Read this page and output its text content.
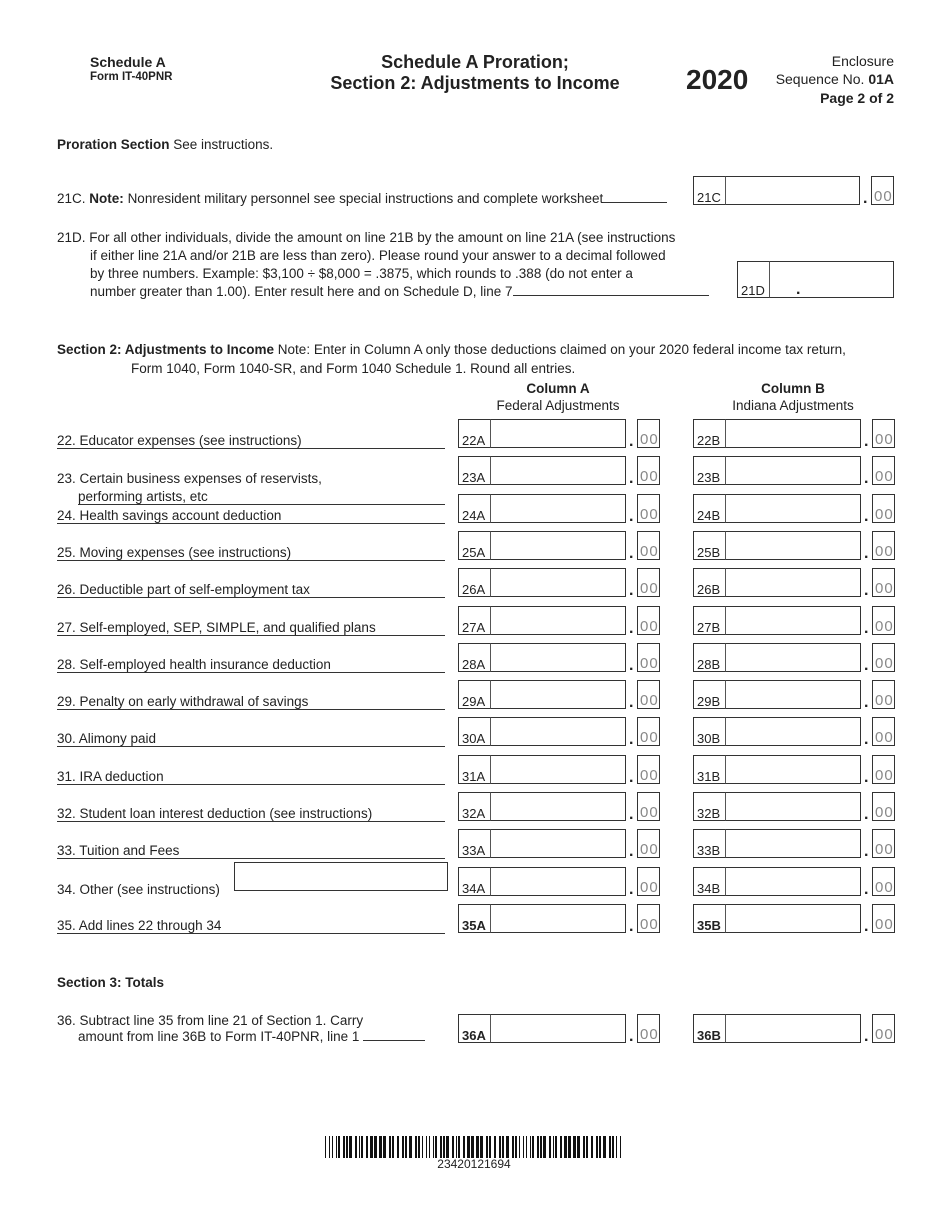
Schedule A
Form IT-40PNR
Schedule A Proration;
Section 2: Adjustments to Income	2020
Enclosure
Sequence No. 01A
Page 2 of 2
Proration Section See instructions.
21C. Note: Nonresident military personnel see special instructions and complete worksheet	21C	. 00
21D. For all other individuals, divide the amount on line 21B by the amount on line 21A (see instructions
if either line 21A and/or 21B are less than zero). Please round your answer to a decimal followed
by three numbers. Example: $3,100 ÷ $8,000 = .3875, which rounds to .388 (do not enter a
number greater than 1.00). Enter result here and on Schedule D, line 7	21D .
Section 2: Adjustments to Income Note: Enter in Column A only those deductions claimed on your 2020 federal income tax return,
Form 1040, Form 1040-SR, and Form 1040 Schedule 1. Round all entries.
Column A
Federal Adjustments
Column B
Indiana Adjustments
22. Educator expenses (see instructions)	22A	. 00	22B	. 00
23. Certain business expenses of reservists,
performing artists, etc
23A	. 00	23B	. 00
24. Health savings account deduction	24A	. 00	24B	. 00
25. Moving expenses (see instructions)	25A	. 00	25B	. 00
26. Deductible part of self-employment tax	26A	. 00	26B	. 00
27. Self-employed, SEP, SIMPLE, and qualified plans	27A	. 00	27B	. 00
28. Self-employed health insurance deduction	28A	. 00	28B	. 00
29. Penalty on early withdrawal of savings	29A	. 00	29B	. 00
30. Alimony paid	30A	. 00	30B	. 00
31. IRA deduction	31A	. 00	31B	. 00
32. Student loan interest deduction (see instructions)	32A	. 00	32B	. 00
33. Tuition and Fees	33A	. 00	33B	. 00
34. Other (see instructions)	34A	. 00	34B	. 00
35. Add lines 22 through 34	35A	. 00	35B	. 00
Section 3: Totals
36. Subtract line 35 from line 21 of Section 1. Carry
amount from line 36B to Form IT-40PNR, line 1	36A	. 00	36B	. 00
23420121694
